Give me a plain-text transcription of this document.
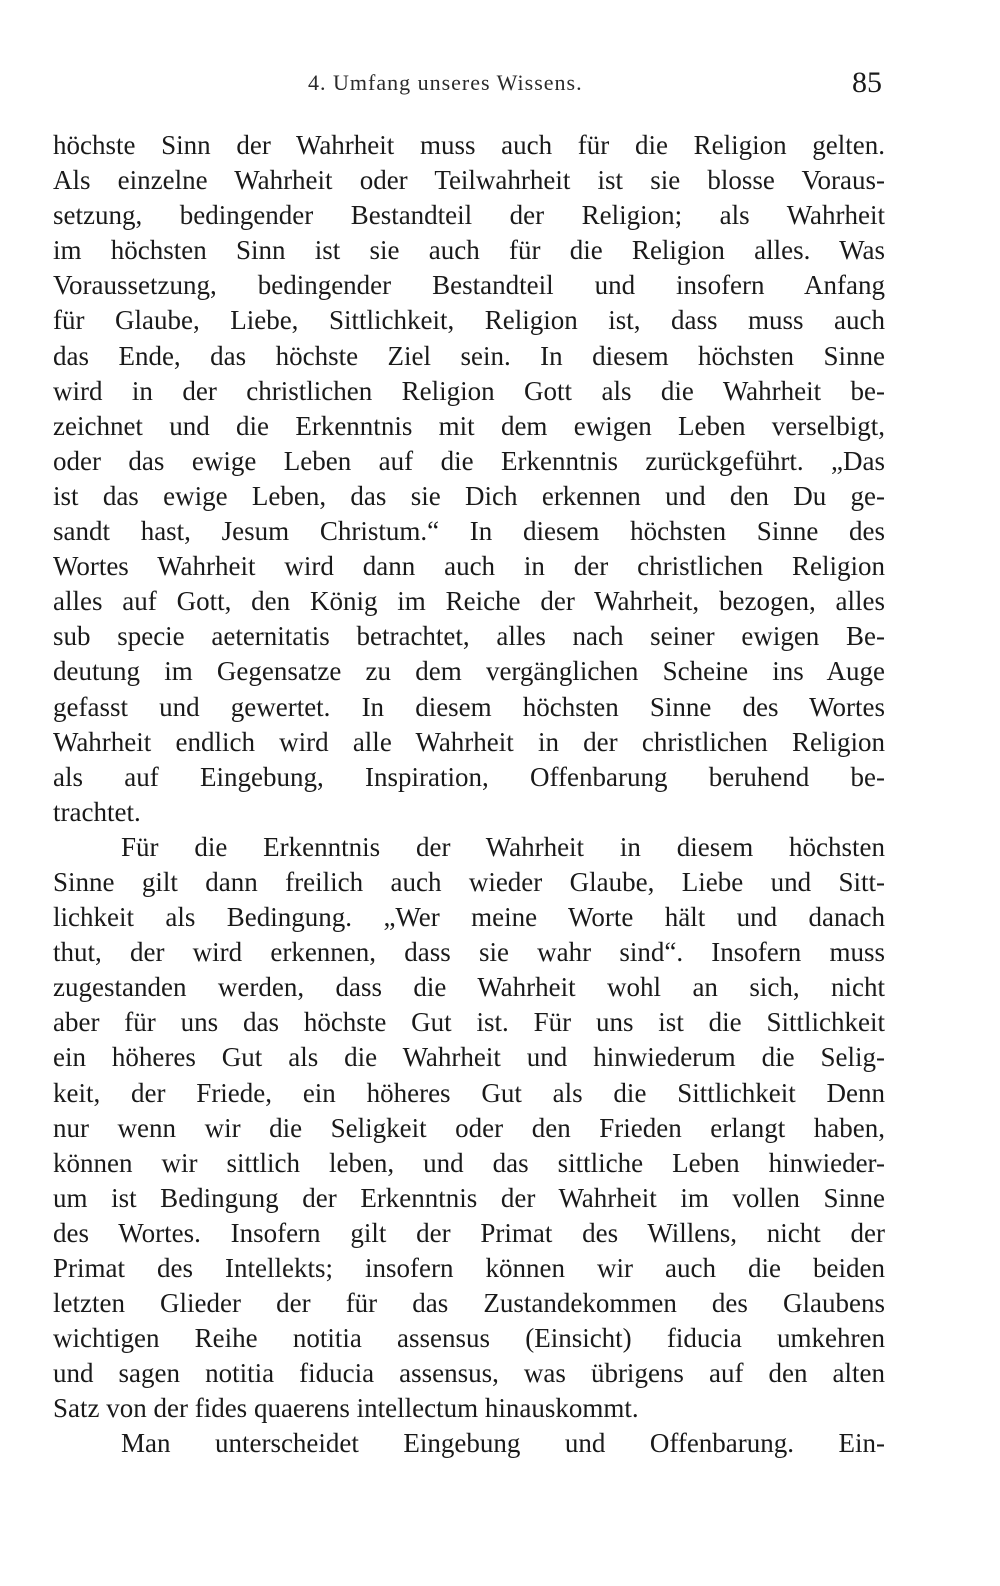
4. Umfang unseres Wissens.	85
höchste Sinn der Wahrheit muss auch für die Religion gelten.
Als einzelne Wahrheit oder Teilwahrheit ist sie blosse Voraus-
setzung, bedingender Bestandteil der Religion; als Wahrheit
im höchsten Sinn ist sie auch für die Religion alles. Was
Voraussetzung, bedingender Bestandteil und insofern Anfang
für Glaube, Liebe, Sittlichkeit, Religion ist, dass muss auch
das Ende, das höchste Ziel sein. In diesem höchsten Sinne
wird in der christlichen Religion Gott als die Wahrheit be-
zeichnet und die Erkenntnis mit dem ewigen Leben verselbigt,
oder das ewige Leben auf die Erkenntnis zurückgeführt. „Das
ist das ewige Leben, das sie Dich erkennen und den Du ge-
sandt hast, Jesum Christum.“ In diesem höchsten Sinne des
Wortes Wahrheit wird dann auch in der christlichen Religion
alles auf Gott, den König im Reiche der Wahrheit, bezogen, alles
sub specie aeternitatis betrachtet, alles nach seiner ewigen Be-
deutung im Gegensatze zu dem vergänglichen Scheine ins Auge
gefasst und gewertet. In diesem höchsten Sinne des Wortes
Wahrheit endlich wird alle Wahrheit in der christlichen Religion
als auf Eingebung, Inspiration, Offenbarung beruhend be-
trachtet.
Für die Erkenntnis der Wahrheit in diesem höchsten
Sinne gilt dann freilich auch wieder Glaube, Liebe und Sitt-
lichkeit als Bedingung. „Wer meine Worte hält und danach
thut, der wird erkennen, dass sie wahr sind“. Insofern muss
zugestanden werden, dass die Wahrheit wohl an sich, nicht
aber für uns das höchste Gut ist. Für uns ist die Sittlichkeit
ein höheres Gut als die Wahrheit und hinwiederum die Selig-
keit, der Friede, ein höheres Gut als die Sittlichkeit Denn
nur wenn wir die Seligkeit oder den Frieden erlangt haben,
können wir sittlich leben, und das sittliche Leben hinwieder-
um ist Bedingung der Erkenntnis der Wahrheit im vollen Sinne
des Wortes. Insofern gilt der Primat des Willens, nicht der
Primat des Intellekts; insofern können wir auch die beiden
letzten Glieder der für das Zustandekommen des Glaubens
wichtigen Reihe notitia assensus (Einsicht) fiducia umkehren
und sagen notitia fiducia assensus, was übrigens auf den alten
Satz von der fides quaerens intellectum hinauskommt.
Man unterscheidet Eingebung und Offenbarung. Ein-
